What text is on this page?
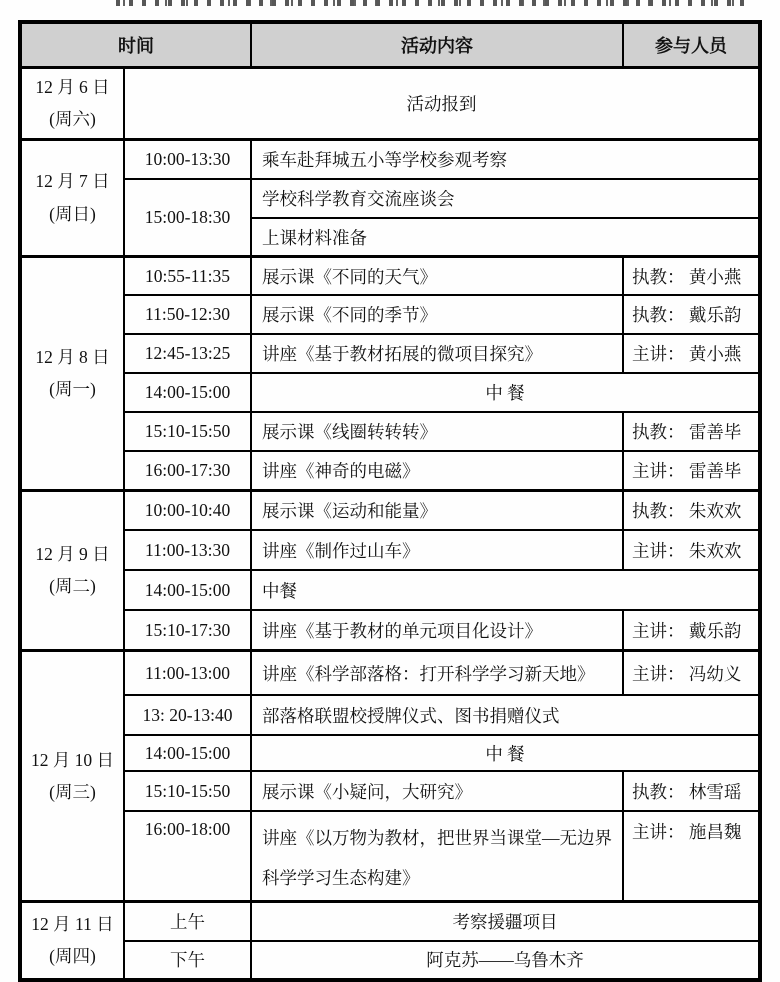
时间		活动内容	参与人员

12 月 6 日
(周六)	活动报到		

12 月 7 日
(周日)	10:00-13:30	乘车赴拜城五小等学校参观考察	
	15:00-18:30	学校科学教育交流座谈会	
		上课材料准备	

12 月 8 日
(周一)	10:55-11:35	展示课《不同的天气》	执教： 黄小燕
	11:50-12:30	展示课《不同的季节》	执教： 戴乐韵
	12:45-13:25	讲座《基于教材拓展的微项目探究》	主讲： 黄小燕
	14:00-15:00	中 餐	
	15:10-15:50	展示课《线圈转转转》	执教： 雷善毕
	16:00-17:30	讲座《神奇的电磁》	主讲： 雷善毕

12 月 9 日
(周二)	10:00-10:40	展示课《运动和能量》	执教： 朱欢欢
	11:00-13:30	讲座《制作过山车》	主讲： 朱欢欢
	14:00-15:00	中餐	
	15:10-17:30	讲座《基于教材的单元项目化设计》	主讲： 戴乐韵

12 月 10 日
(周三)	11:00-13:00	讲座《科学部落格：打开科学学习新天地》	主讲： 冯幼义
	13: 20-13:40	部落格联盟校授牌仪式、图书捐赠仪式	
	14:00-15:00	中 餐	
	15:10-15:50	展示课《小疑问，大研究》	执教： 林雪瑶
	16:00-18:00	讲座《以万物为教材，把世界当课堂—无边界科学学习生态构建》	主讲： 施昌魏

12 月 11 日
(周四)	上午	考察援疆项目	
	下午	阿克苏——乌鲁木齐	
